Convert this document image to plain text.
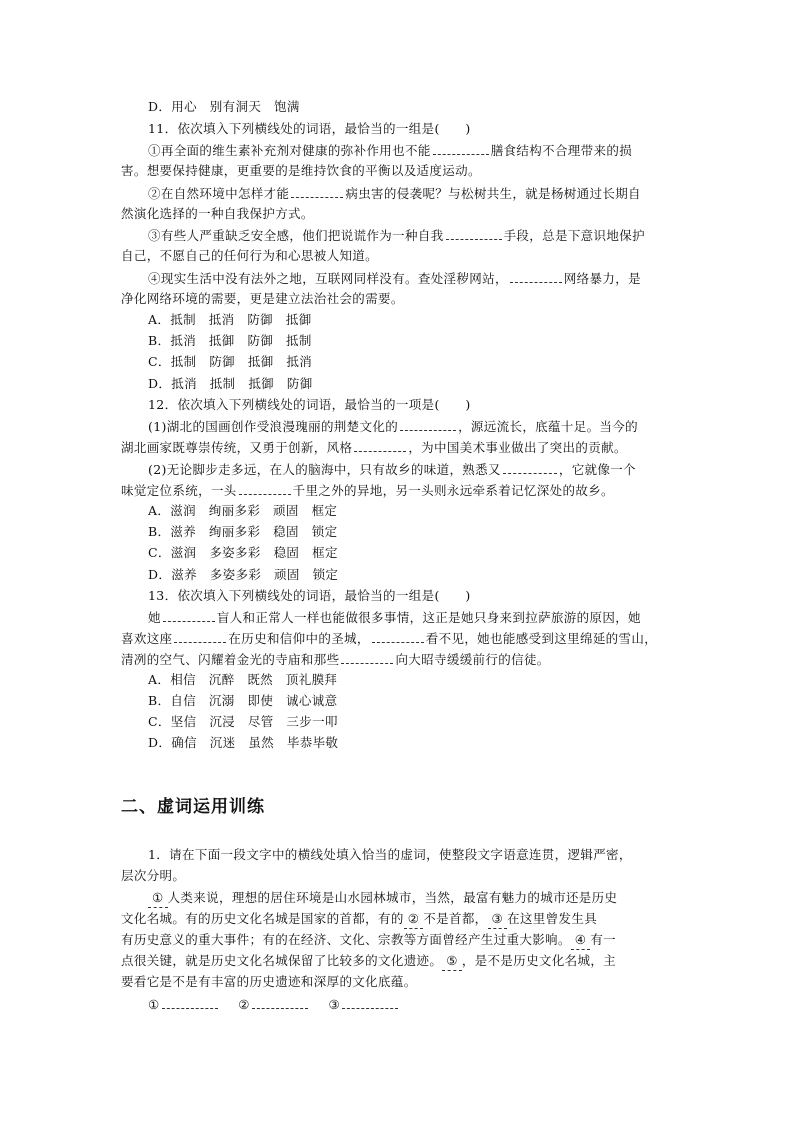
D．用心　别有洞天　饱满
11．依次填入下列横线处的词语，最恰当的一组是(　　)
①再全面的维生素补充剂对健康的弥补作用也不能	膳食结构不合理带来的损
害。想要保持健康，更重要的是维持饮食的平衡以及适度运动。
②在自然环境中怎样才能	病虫害的侵袭呢？与松树共生，就是杨树通过长期自
然演化选择的一种自我保护方式。
③有些人严重缺乏安全感，他们把说谎作为一种自我	手段，总是下意识地保护
自己，不愿自己的任何行为和心思被人知道。
④现实生活中没有法外之地，互联网同样没有。查处淫秽网站，	网络暴力，是
净化网络环境的需要，更是建立法治社会的需要。
A．抵制　抵消　防御　抵御
B．抵消　抵御　防御　抵制
C．抵制　防御　抵御　抵消
D．抵消　抵制　抵御　防御
12．依次填入下列横线处的词语，最恰当的一项是(　　)
(1)湖北的国画创作受浪漫瑰丽的荆楚文化的	，源远流长，底蕴十足。当今的
湖北画家既尊崇传统，又勇于创新，风格	，为中国美术事业做出了突出的贡献。
(2)无论脚步走多远，在人的脑海中，只有故乡的味道，熟悉又	，它就像一个
味觉定位系统，一头	千里之外的异地，另一头则永远牵系着记忆深处的故乡。
A．滋润　绚丽多彩　顽固　框定
B．滋养　绚丽多彩　稳固　锁定
C．滋润　多姿多彩　稳固　框定
D．滋养　多姿多彩　顽固　锁定
13．依次填入下列横线处的词语，最恰当的一组是(　　)
她	盲人和正常人一样也能做很多事情，这正是她只身来到拉萨旅游的原因，她
喜欢这座	在历史和信仰中的圣城，	看不见，她也能感受到这里绵延的雪山，
清冽的空气、闪耀着金光的寺庙和那些	向大昭寺缓缓前行的信徒。
A．相信　沉醉　既然　顶礼膜拜
B．自信　沉溺　即使　诚心诚意
C．坚信　沉浸　尽管　三步一叩
D．确信　沉迷　虽然　毕恭毕敬
二、虚词运用训练
1．请在下面一段文字中的横线处填入恰当的虚词，使整段文字语意连贯，逻辑严密，
层次分明。
① 人类来说，理想的居住环境是山水园林城市，当然，最富有魅力的城市还是历史
文化名城。有的历史文化名城是国家的首都，有的 ② 不是首都， ③ 在这里曾发生具
有历史意义的重大事件；有的在经济、文化、宗教等方面曾经产生过重大影响。 ④ 有一
点很关键，就是历史文化名城保留了比较多的文化遗迹。 ⑤ ，是不是历史文化名城，主
要看它是不是有丰富的历史遗迹和深厚的文化底蕴。
①	②	③
